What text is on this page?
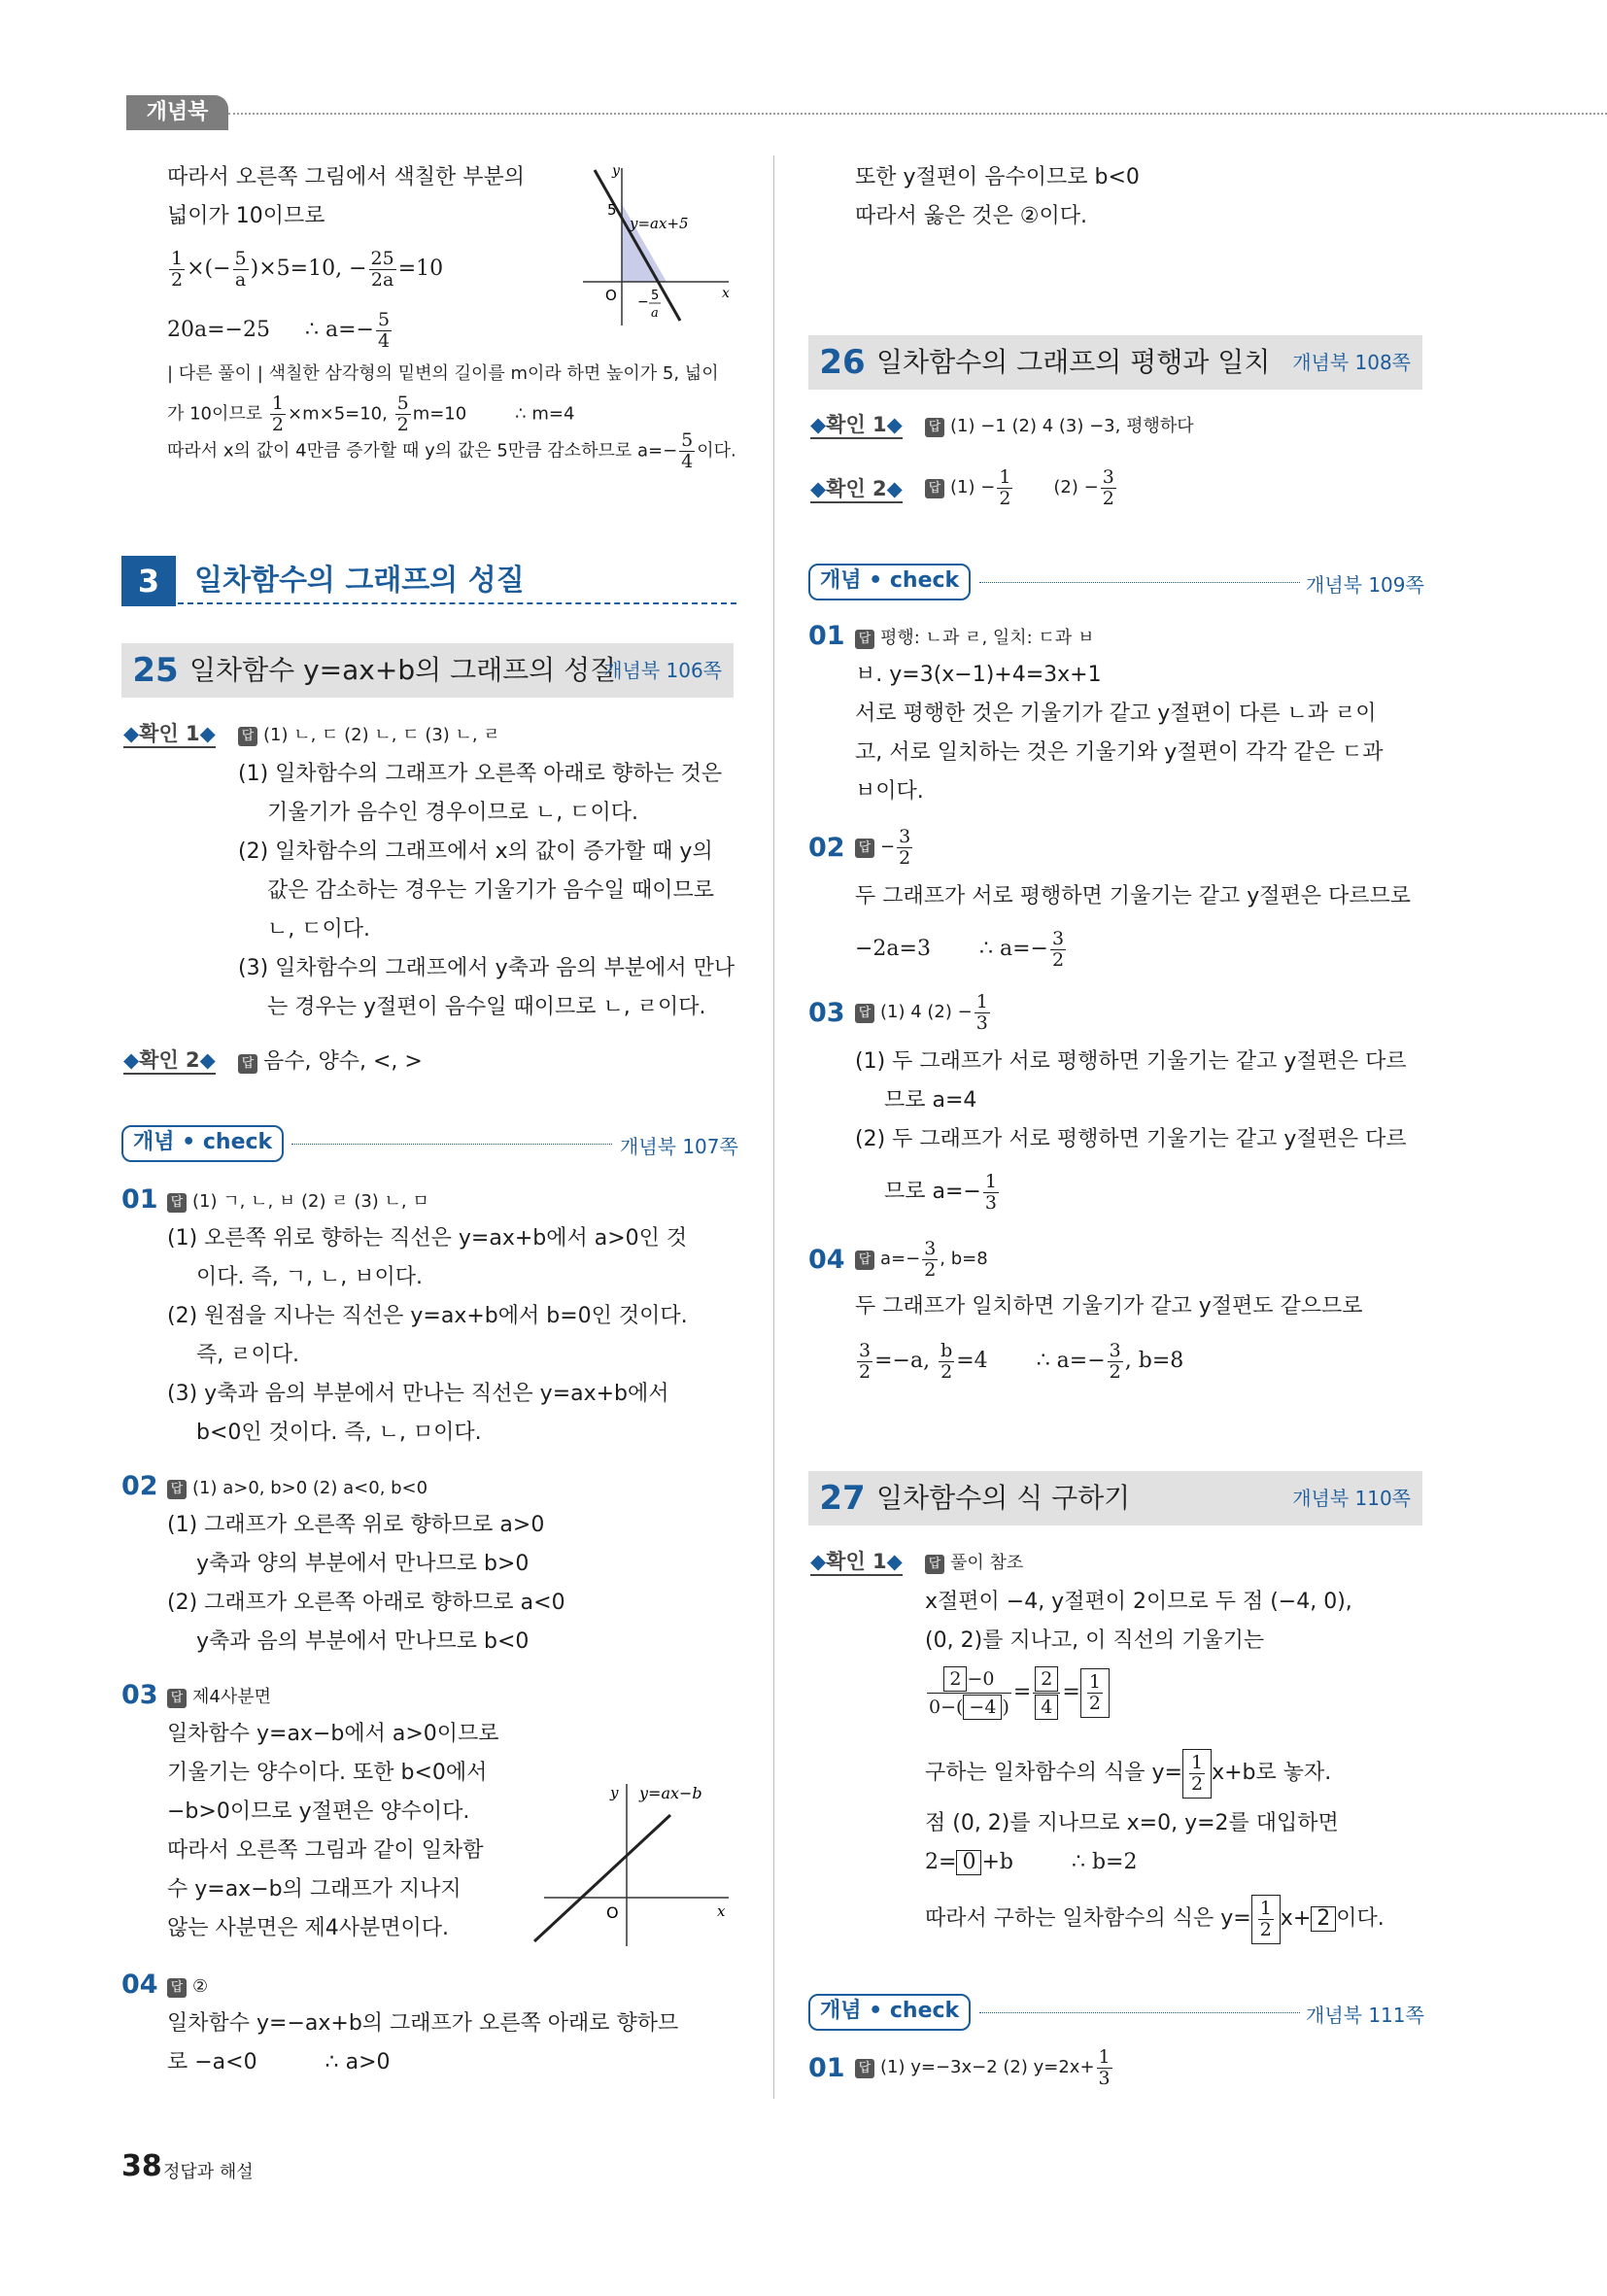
개념북
따라서 오른쪽 그림에서 색칠한 부분의
넓이가 10이므로
$\frac{1}{2}$ ×(− $\frac{5}{a} )\times 5=10$, − $\frac{25}{2a} =10$
20a=−25 ∴ $a=- \frac{5}{4}$
| 다른 풀이 | 색칠한 삼각형의 밑변의 길이를 m이라 하면 높이가 5, 넓이
가 10이므로 $\frac{1}{2} \times m\times 5=10$, $\frac{5}{2} m=10$	∴ m=4
따라서 x의 값이 4만큼 증가할 때 y의 값은 5만큼 감소하므로 $a=- \frac{5}{4}$ 이다.
y
x
O
5
y=ax+5
− 5
a
3	일차함수의 그래프의 성질
25 일차함수 y=ax+b의 그래프의 성질
개념북 106쪽
◆확인 1◆ 답 (1) ㄴ, ㄷ (2) ㄴ, ㄷ (3) ㄴ, ㄹ
(1) 일차함수의 그래프가 오른쪽 아래로 향하는 것은
기울기가 음수인 경우이므로 ㄴ, ㄷ이다.
(2) 일차함수의 그래프에서 x의 값이 증가할 때 y의
값은 감소하는 경우는 기울기가 음수일 때이므로
ㄴ, ㄷ이다.
(3) 일차함수의 그래프에서 y축과 음의 부분에서 만나
는 경우는 y절편이 음수일 때이므로 ㄴ, ㄹ이다.
◆확인 2◆ 답 음수, 양수, <, >
개념 • check	개념북 107쪽
01 답 (1) ㄱ, ㄴ, ㅂ (2) ㄹ (3) ㄴ, ㅁ
(1) 오른쪽 위로 향하는 직선은 y=ax+b에서 a>0인 것
이다. 즉, ㄱ, ㄴ, ㅂ이다.
(2) 원점을 지나는 직선은 y=ax+b에서 b=0인 것이다.
즉, ㄹ이다.
(3) y축과 음의 부분에서 만나는 직선은 y=ax+b에서
b<0인 것이다. 즉, ㄴ, ㅁ이다.
02 답 (1) a>0, b>0 (2) a<0, b<0
(1) 그래프가 오른쪽 위로 향하므로 a>0
y축과 양의 부분에서 만나므로 b>0
(2) 그래프가 오른쪽 아래로 향하므로 a<0
y축과 음의 부분에서 만나므로 b<0
03 답 제4사분면
일차함수 y=ax−b에서 a>0이므로
기울기는 양수이다. 또한 b<0에서
−b>0이므로 y절편은 양수이다.
따라서 오른쪽 그림과 같이 일차함
수 y=ax−b의 그래프가 지나지
않는 사분면은 제4사분면이다.
y
x
O
y=ax−b
04 답 ②
일차함수 y=−ax+b의 그래프가 오른쪽 아래로 향하므
로 −a<0	∴ a>0
또한 y절편이 음수이므로 b<0
따라서 옳은 것은 ②이다.
26 일차함수의 그래프의 평행과 일치 개념북 108쪽
◆확인 1◆ 답 (1) −1 (2) 4 (3) −3, 평행하다
◆확인 2◆ 답 $(1) - \frac{1}{2} (2) - \frac{3}{2}$
개념 • check	개념북 109쪽
01 답 평행: ㄴ과 ㄹ, 일치: ㄷ과 ㅂ
ㅂ. y=3(x−1)+4=3x+1
서로 평행한 것은 기울기가 같고 y절편이 다른 ㄴ과 ㄹ이
고, 서로 일치하는 것은 기울기와 y절편이 각각 같은 ㄷ과
ㅂ이다.
02 답 − $\frac{3}{2}$
두 그래프가 서로 평행하면 기울기는 같고 y절편은 다르므로
−2a=3 ∴ $a=- \frac{3}{2}$
03 답 (1) 4 $(2) - \frac{1}{3}$
(1) 두 그래프가 서로 평행하면 기울기는 같고 y절편은 다르
므로 a=4
(2) 두 그래프가 서로 평행하면 기울기는 같고 y절편은 다르
므로 $a=- \frac{1}{3}$
04 답 $a=- \frac{3}{2}$ , b=8
두 그래프가 일치하면 기울기가 같고 y절편도 같으므로
$\frac{3}{2} =-a$, $\frac{b}{2} =4$ ∴ $a=- \frac{3}{2}$ , b=8
27 일차함수의 식 구하기	개념북 110쪽
◆확인 1◆ 답 풀이 참조
x절편이 −4, y절편이 2이므로 두 점 (−4, 0),
(0, 2)를 지나고, 이 직선의 기울기는
$\frac{2 -0}{0-( -4 )} = \frac{2}{4} = \frac{1}{2}$
구하는 일차함수의 식을 $y= \frac{1}{2} x+b$로 놓자.
점 (0, 2)를 지나므로 x=0, y=2를 대입하면
2= 0 +b	∴ b=2
따라서 구하는 일차함수의 식은 $y= \frac{1}{2} x+ 2$ 이다.
개념 • check	개념북 111쪽
01 답 (1) y=−3x−2 (2) $y=2x+ \frac{1}{3}$
38 정답과 해설
